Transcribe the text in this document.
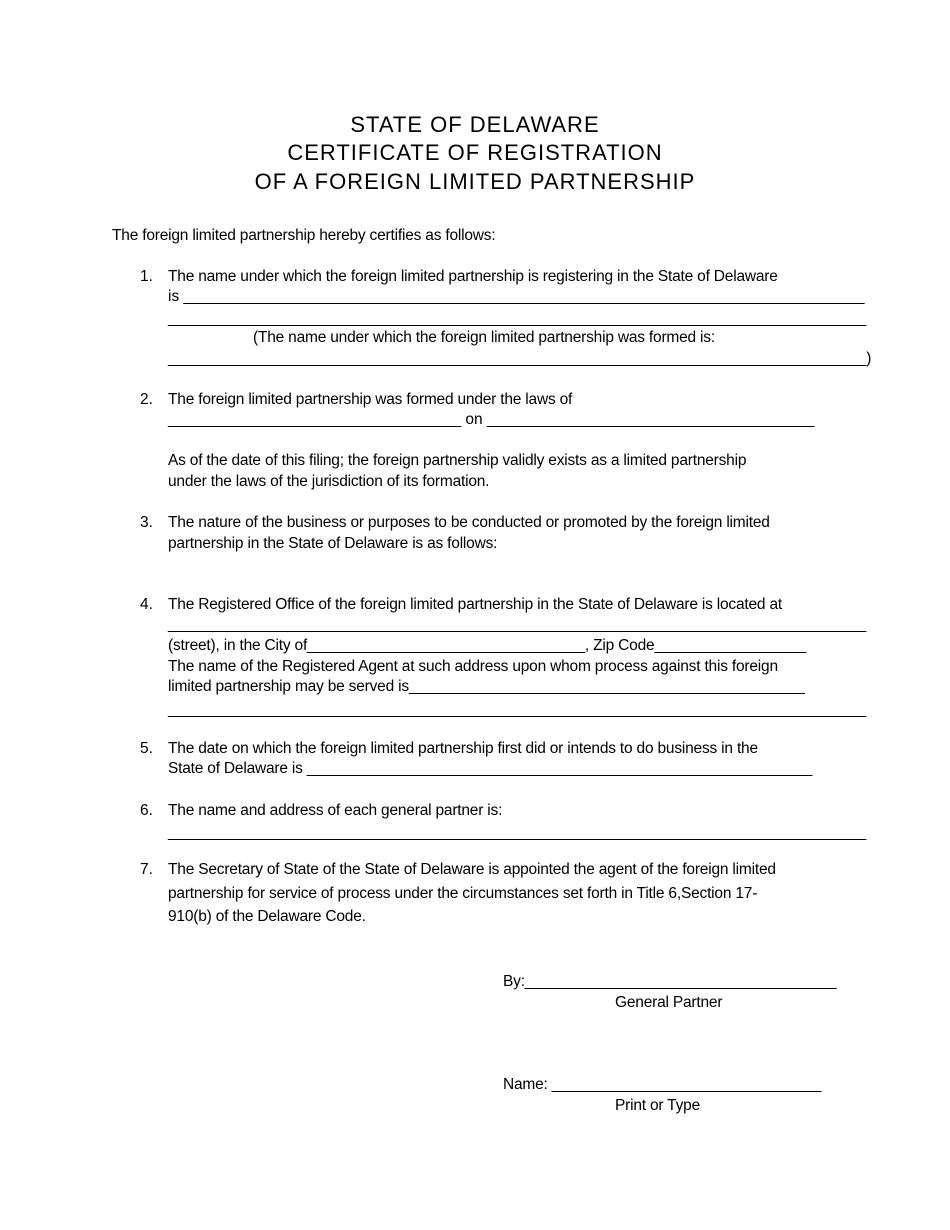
STATE OF DELAWARE
CERTIFICATE OF REGISTRATION
OF A FOREIGN LIMITED PARTNERSHIP
The foreign limited partnership hereby certifies as follows:
1. The name under which the foreign limited partnership is registering in the State of Delaware
is _______________________________________________________________________________
_________________________________________________________________________________
(The name under which the foreign limited partnership was formed is:
_________________________________________________________________________________)
2. The foreign limited partnership was formed under the laws of
__________________________________ on ______________________________________
As of the date of this filing; the foreign partnership validly exists as a limited partnership
under the laws of the jurisdiction of its formation.
3. The nature of the business or purposes to be conducted or promoted by the foreign limited
partnership in the State of Delaware is as follows:
4. The Registered Office of the foreign limited partnership in the State of Delaware is located at
_________________________________________________________________________________
(street), in the City of_________________________________, Zip Code__________________
The name of the Registered Agent at such address upon whom process against this foreign
limited partnership may be served is_______________________________________________
_________________________________________________________________________________
5. The date on which the foreign limited partnership first did or intends to do business in the
State of Delaware is ____________________________________________________________
6. The name and address of each general partner is:
_________________________________________________________________________________
7. The Secretary of State of the State of Delaware is appointed the agent of the foreign limited
partnership for service of process under the circumstances set forth in Title 6,Section 17-
910(b) of the Delaware Code.
By:_____________________________________
General Partner
Name: ________________________________
Print or Type
